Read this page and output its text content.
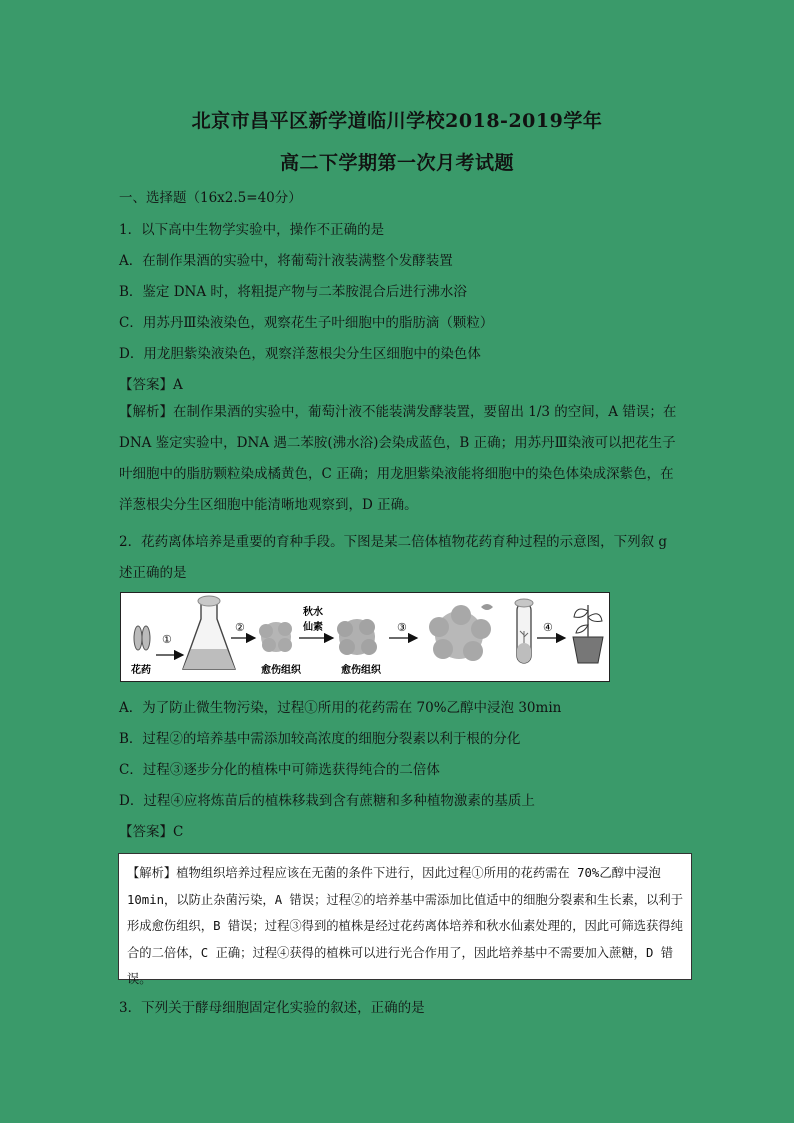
北京市昌平区新学道临川学校2018-2019学年
高二下学期第一次月考试题
一、选择题（16x2.5=40分）
1．以下高中生物学实验中，操作不正确的是
A．在制作果酒的实验中，将葡萄汁液装满整个发酵装置
B．鉴定 DNA 时，将粗提产物与二苯胺混合后进行沸水浴
C．用苏丹Ⅲ染液染色，观察花生子叶细胞中的脂肪滴（颗粒）
D．用龙胆紫染液染色，观察洋葱根尖分生区细胞中的染色体
【答案】A

【解析】在制作果酒的实验中，葡萄汁液不能装满发酵装置，要留出 1/3 的空间，A 错误；在 DNA 鉴定实验中，DNA 遇二苯胺(沸水浴)会染成蓝色，B 正确；用苏丹Ⅲ染液可以把花生子叶细胞中的脂肪颗粒染成橘黄色，C 正确；用龙胆紫染液能将细胞中的染色体染成深紫色，在洋葱根尖分生区细胞中能清晰地观察到，D 正确。

2．花药离体培养是重要的育种手段。下图是某二倍体植物花药育种过程的示意图，下列叙 g
述正确的是
花药
①
②
愈伤组织
秋水
仙素
愈伤组织
③	④
A．为了防止微生物污染，过程①所用的花药需在 70%乙醇中浸泡 30min
B．过程②的培养基中需添加较高浓度的细胞分裂素以利于根的分化
C．过程③逐步分化的植株中可筛选获得纯合的二倍体
D．过程④应将炼苗后的植株移栽到含有蔗糖和多种植物激素的基质上
【答案】C

【解析】植物组织培养过程应该在无菌的条件下进行，因此过程①所用的花药需在 70%乙醇中浸泡 10min，以防止杂菌污染，A 错误；过程②的培养基中需添加比值适中的细胞分裂素和生长素，以利于形成愈伤组织，B 错误；过程③得到的植株是经过花药离体培养和秋水仙素处理的，因此可筛选获得纯合的二倍体，C 正确；过程④获得的植株可以进行光合作用了，因此培养基中不需要加入蔗糖，D 错误。

3．下列关于酵母细胞固定化实验的叙述，正确的是
